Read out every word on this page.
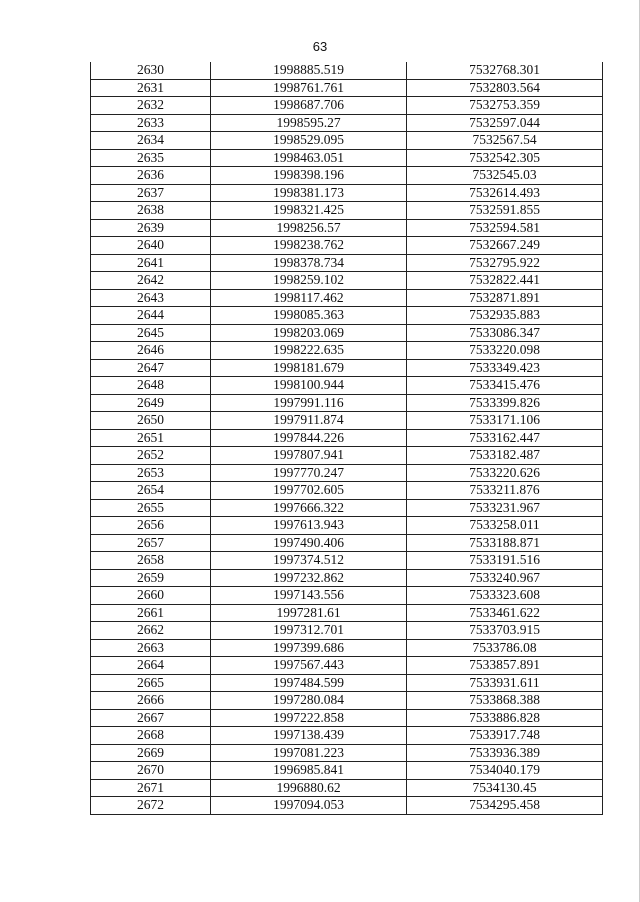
63
2630	1998885.519	7532768.301
2631	1998761.761	7532803.564
2632	1998687.706	7532753.359
2633	1998595.27	7532597.044
2634	1998529.095	7532567.54
2635	1998463.051	7532542.305
2636	1998398.196	7532545.03
2637	1998381.173	7532614.493
2638	1998321.425	7532591.855
2639	1998256.57	7532594.581
2640	1998238.762	7532667.249
2641	1998378.734	7532795.922
2642	1998259.102	7532822.441
2643	1998117.462	7532871.891
2644	1998085.363	7532935.883
2645	1998203.069	7533086.347
2646	1998222.635	7533220.098
2647	1998181.679	7533349.423
2648	1998100.944	7533415.476
2649	1997991.116	7533399.826
2650	1997911.874	7533171.106
2651	1997844.226	7533162.447
2652	1997807.941	7533182.487
2653	1997770.247	7533220.626
2654	1997702.605	7533211.876
2655	1997666.322	7533231.967
2656	1997613.943	7533258.011
2657	1997490.406	7533188.871
2658	1997374.512	7533191.516
2659	1997232.862	7533240.967
2660	1997143.556	7533323.608
2661	1997281.61	7533461.622
2662	1997312.701	7533703.915
2663	1997399.686	7533786.08
2664	1997567.443	7533857.891
2665	1997484.599	7533931.611
2666	1997280.084	7533868.388
2667	1997222.858	7533886.828
2668	1997138.439	7533917.748
2669	1997081.223	7533936.389
2670	1996985.841	7534040.179
2671	1996880.62	7534130.45
2672	1997094.053	7534295.458
